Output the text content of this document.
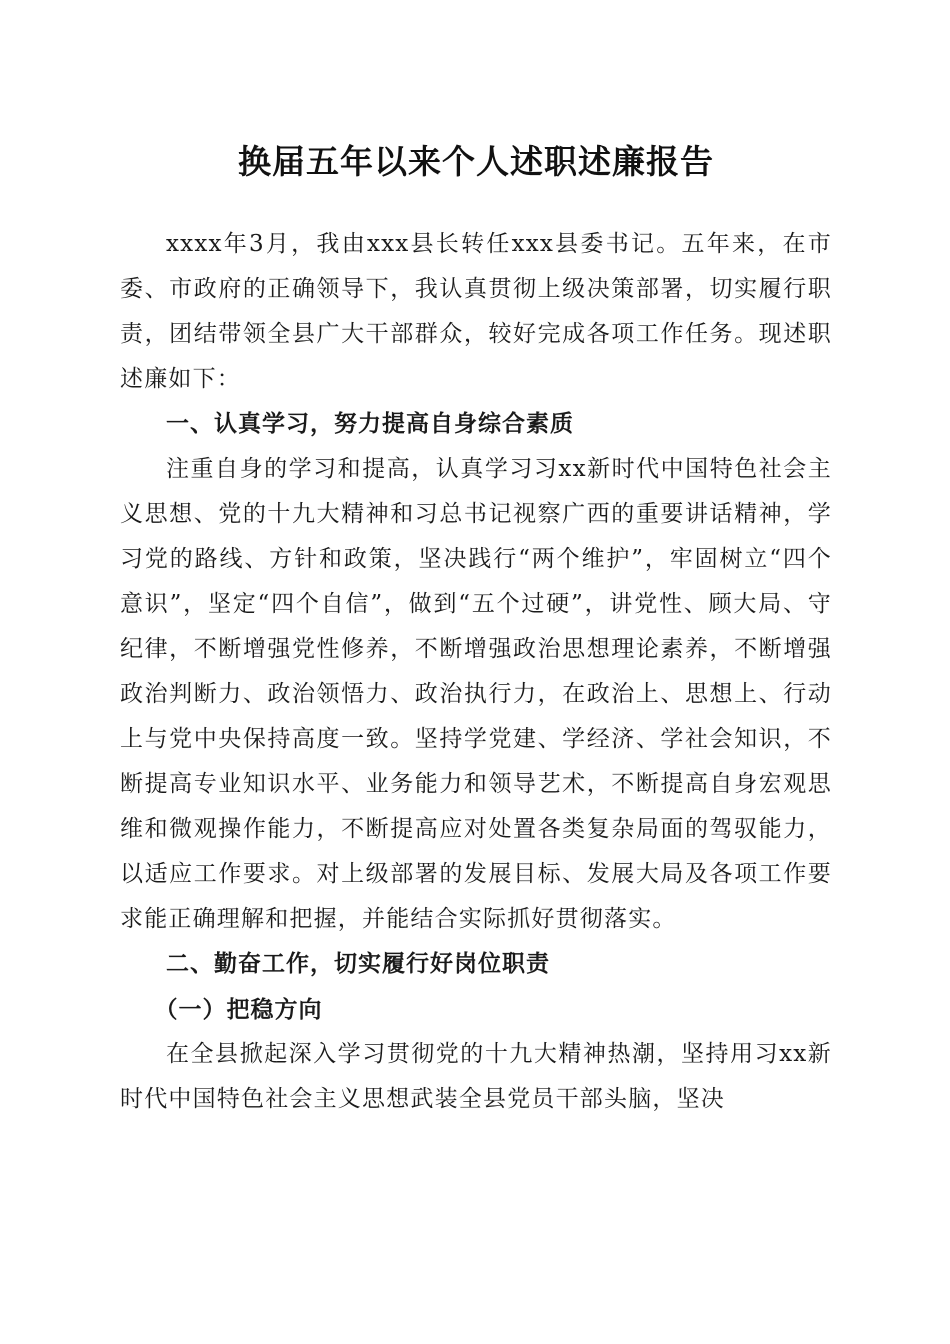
换届五年以来个人述职述廉报告

xxxx年3月，我由xxx县长转任xxx县委书记。五年来，在市委、市政府的正确领导下，我认真贯彻上级决策部署，切实履行职责，团结带领全县广大干部群众，较好完成各项工作任务。现述职述廉如下：

一、认真学习，努力提高自身综合素质

注重自身的学习和提高，认真学习习xx新时代中国特色社会主义思想、党的十九大精神和习总书记视察广西的重要讲话精神，学习党的路线、方针和政策，坚决践行“两个维护”，牢固树立“四个意识”，坚定“四个自信”，做到“五个过硬”，讲党性、顾大局、守纪律，不断增强党性修养，不断增强政治思想理论素养，不断增强政治判断力、政治领悟力、政治执行力，在政治上、思想上、行动上与党中央保持高度一致。坚持学党建、学经济、学社会知识，不断提高专业知识水平、业务能力和领导艺术，不断提高自身宏观思维和微观操作能力，不断提高应对处置各类复杂局面的驾驭能力，以适应工作要求。对上级部署的发展目标、发展大局及各项工作要求能正确理解和把握，并能结合实际抓好贯彻落实。

二、勤奋工作，切实履行好岗位职责
（一）把稳方向

在全县掀起深入学习贯彻党的十九大精神热潮，坚持用习xx新时代中国特色社会主义思想武装全县党员干部头脑，坚决
